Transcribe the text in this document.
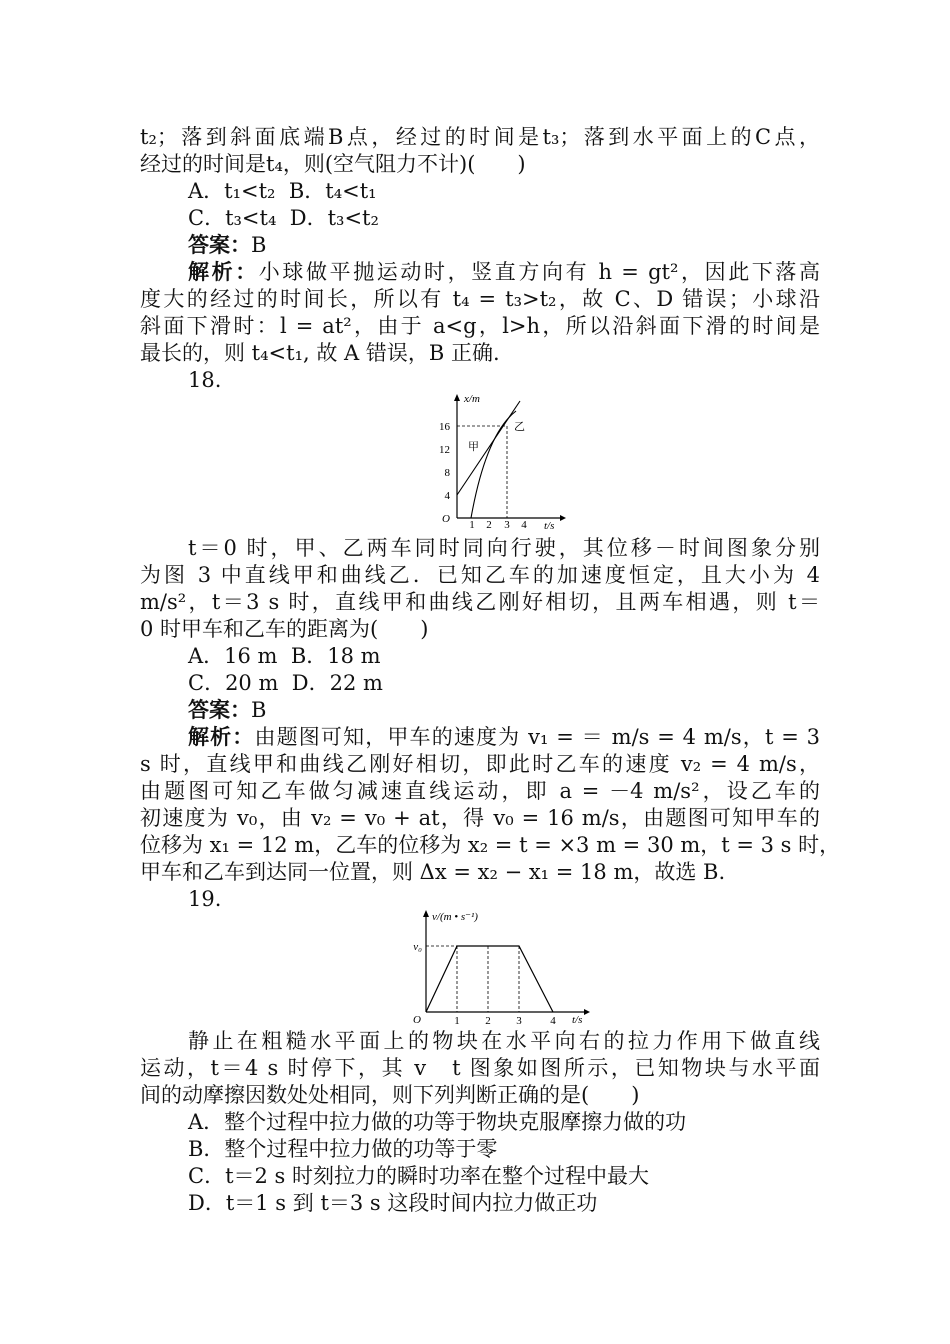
t₂；落到斜面底端B点，经过的时间是t₃；落到水平面上的C点，
经过的时间是t₄，则(空气阻力不计)(　　)
A．t₁<t₂ B．t₄<t₁
C．t₃<t₄ D．t₃<t₂
答案：B
解析：小球做平抛运动时，竖直方向有 h = gt²，因此下落高
度大的经过的时间长，所以有 t₄ = t₃>t₂，故 C、D 错误；小球沿
斜面下滑时：l = at²，由于 a<g，l>h，所以沿斜面下滑的时间是
最长的，则 t₄<t₁, 故 A 错误，B 正确.
18.
x/m
t/s
O
4
8
12
16
1 2 3 4
甲
乙
t＝0 时，甲、乙两车同时同向行驶，其位移－时间图象分别
为图 3 中直线甲和曲线乙．已知乙车的加速度恒定，且大小为 4
m/s²，t＝3 s 时，直线甲和曲线乙刚好相切，且两车相遇，则 t＝
0 时甲车和乙车的距离为(　　)
A．16 m B．18 m
C．20 m D．22 m
答案：B
解析：由题图可知，甲车的速度为 v₁ = ＝ m/s = 4 m/s，t = 3
s 时，直线甲和曲线乙刚好相切，即此时乙车的速度 v₂ = 4 m/s，
由题图可知乙车做匀减速直线运动，即 a = －4 m/s²，设乙车的
初速度为 v₀，由 v₂ = v₀ + at，得 v₀ = 16 m/s，由题图可知甲车的
位移为 x₁ = 12 m，乙车的位移为 x₂ = t = ×3 m = 30 m，t = 3 s 时，
甲车和乙车到达同一位置，则 Δx = x₂ − x₁ = 18 m，故选 B.
19.
v/(m • s⁻¹)
t/s
O
v₀
1 2 3	4
静止在粗糙水平面上的物块在水平向右的拉力作用下做直线
运动，t＝4 s 时停下，其 v　t 图象如图所示，已知物块与水平面
间的动摩擦因数处处相同，则下列判断正确的是(　　)
A．整个过程中拉力做的功等于物块克服摩擦力做的功
B．整个过程中拉力做的功等于零
C．t＝2 s 时刻拉力的瞬时功率在整个过程中最大
D．t＝1 s 到 t＝3 s 这段时间内拉力做正功
